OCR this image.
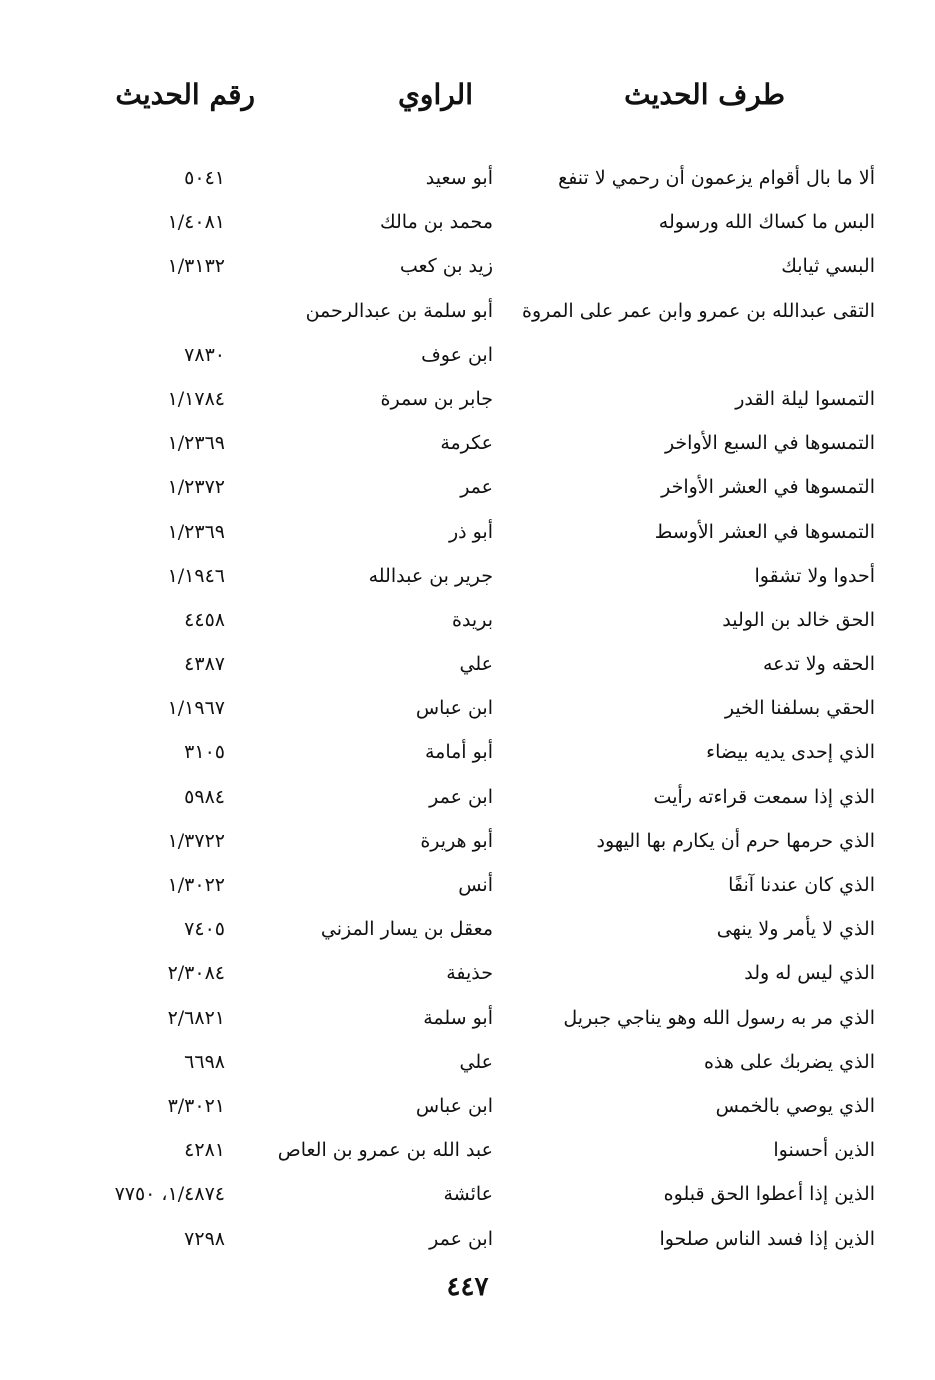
طرف الحديث
الراوي
رقم الحديث
ألا ما بال أقوام يزعمون أن رحمي لا تنفع
أبو سعيد
٥٠٤١
البس ما كساك الله ورسوله
محمد بن مالك
١/٤٠٨١
البسي ثيابك
زيد بن كعب
١/٣١٣٢
التقى عبدالله بن عمرو وابن عمر على المروة
أبو سلمة بن عبدالرحمن
ابن عوف
٧٨٣٠
التمسوا ليلة القدر
جابر بن سمرة
١/١٧٨٤
التمسوها في السبع الأواخر
عكرمة
١/٢٣٦٩
التمسوها في العشر الأواخر
عمر
١/٢٣٧٢
التمسوها في العشر الأوسط
أبو ذر
١/٢٣٦٩
أحدوا ولا تشقوا
جرير بن عبدالله
١/١٩٤٦
الحق خالد بن الوليد
بريدة
٤٤٥٨
الحقه ولا تدعه
علي
٤٣٨٧
الحقي بسلفنا الخير
ابن عباس
١/١٩٦٧
الذي إحدى يديه بيضاء
أبو أمامة
٣١٠٥
الذي إذا سمعت قراءته رأيت
ابن عمر
٥٩٨٤
الذي حرمها حرم أن يكارم بها اليهود
أبو هريرة
١/٣٧٢٢
الذي كان عندنا آنفًا
أنس
١/٣٠٢٢
الذي لا يأمر ولا ينهى
معقل بن يسار المزني
٧٤٠٥
الذي ليس له ولد
حذيفة
٢/٣٠٨٤
الذي مر به رسول الله وهو يناجي جبريل
أبو سلمة
٢/٦٨٢١
الذي يضربك على هذه
علي
٦٦٩٨
الذي يوصي بالخمس
ابن عباس
٣/٣٠٢١
الذين أحسنوا
عبد الله بن عمرو بن العاص
٤٢٨١
الذين إذا أعطوا الحق قبلوه
عائشة
١/٤٨٧٤، ٧٧٥٠
الذين إذا فسد الناس صلحوا
ابن عمر
٧٢٩٨
٤٤٧
